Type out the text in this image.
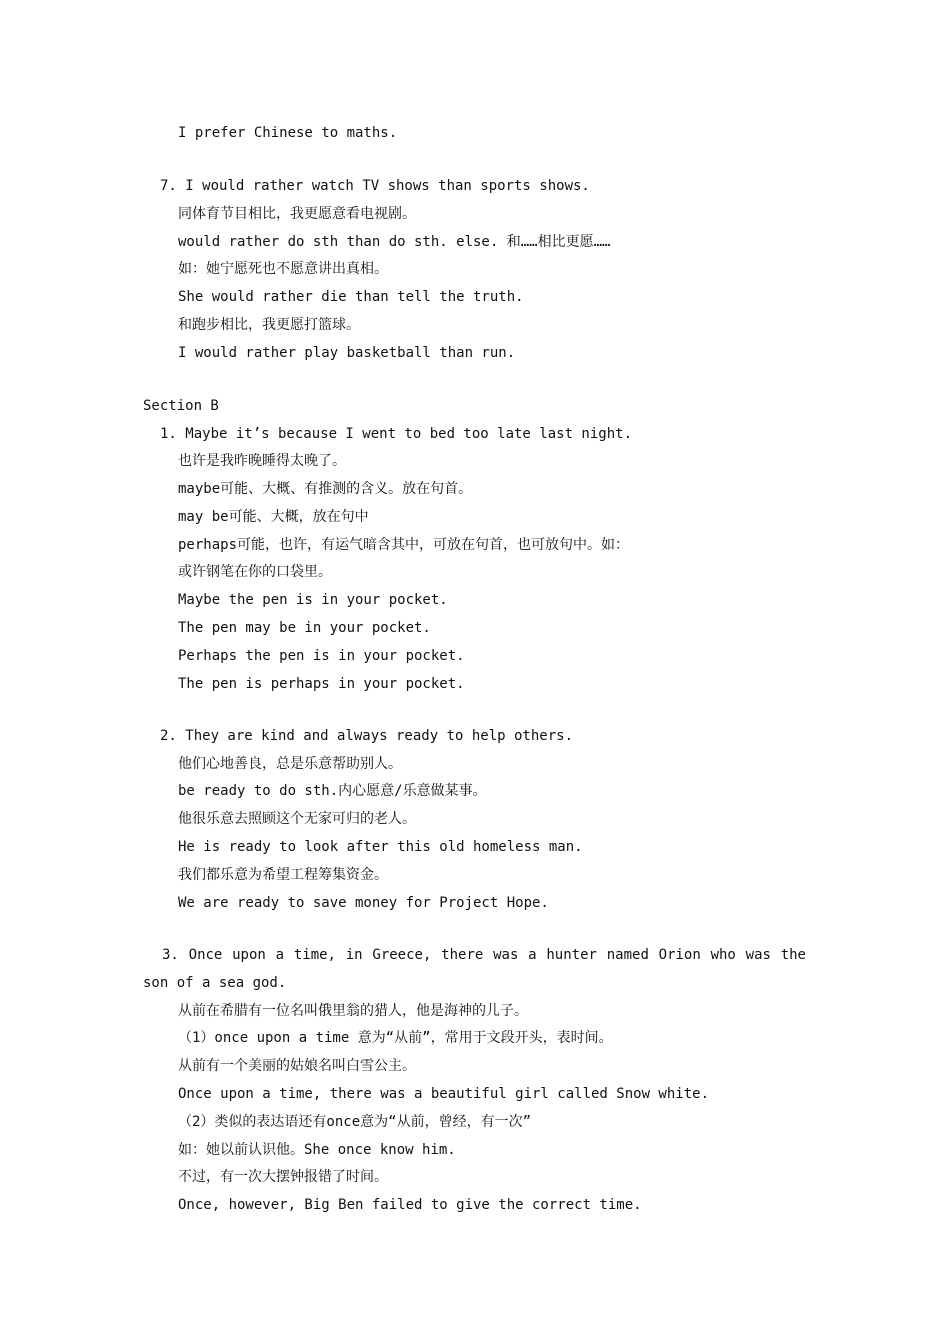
I prefer Chinese to maths.
7. I would rather watch TV shows than sports shows.
同体育节目相比，我更愿意看电视剧。
would rather do sth than do sth. else. 和……相比更愿……
如：她宁愿死也不愿意讲出真相。
She would rather die than tell the truth.
和跑步相比，我更愿打篮球。
I would rather play basketball than run.
Section B
1. Maybe it’s because I went to bed too late last night.
也许是我昨晚睡得太晚了。
maybe可能、大概、有推测的含义。放在句首。
may be可能、大概，放在句中
perhaps可能，也许，有运气暗含其中，可放在句首，也可放句中。如：
或许钢笔在你的口袋里。
Maybe the pen is in your pocket.
The pen may be in your pocket.
Perhaps the pen is in your pocket.
The pen is perhaps in your pocket.
2. They are kind and always ready to help others.
他们心地善良，总是乐意帮助别人。
be ready to do sth.内心愿意/乐意做某事。
他很乐意去照顾这个无家可归的老人。
He is ready to look after this old homeless man.
我们都乐意为希望工程筹集资金。
We are ready to save money for Project Hope.
3. Once upon a time, in Greece, there was a hunter named Orion who was the
son of a sea god.
从前在希腊有一位名叫俄里翁的猎人，他是海神的儿子。
（1）once upon a time 意为“从前”，常用于文段开头，表时间。
从前有一个美丽的姑娘名叫白雪公主。
Once upon a time, there was a beautiful girl called Snow white.
（2）类似的表达语还有once意为“从前，曾经，有一次”
如：她以前认识他。She once know him.
不过，有一次大摆钟报错了时间。
Once, however, Big Ben failed to give the correct time.
